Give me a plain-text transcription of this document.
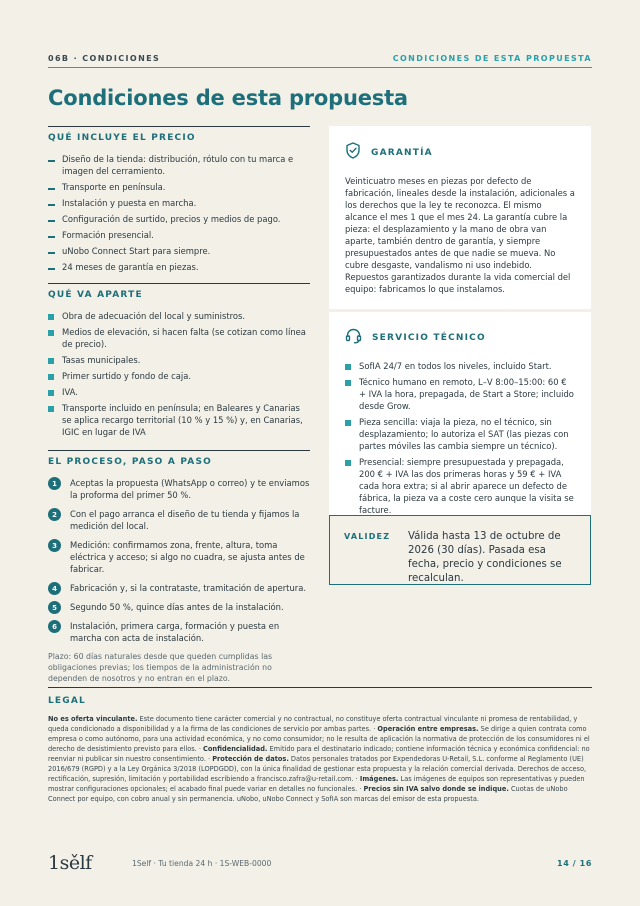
06B · CONDICIONES	CONDICIONES DE ESTA PROPUESTA
Condiciones de esta propuesta
QUÉ INCLUYE EL PRECIO
Diseño de la tienda: distribución, rótulo con tu marca e imagen del cerramiento.
Transporte en península.
Instalación y puesta en marcha.
Configuración de surtido, precios y medios de pago.
Formación presencial.
uNobo Connect Start para siempre.
24 meses de garantía en piezas.
QUÉ VA APARTE
Obra de adecuación del local y suministros.
Medios de elevación, si hacen falta (se cotizan como línea de precio).
Tasas municipales.
Primer surtido y fondo de caja.
IVA.
Transporte incluido en península; en Baleares y Canarias se aplica recargo territorial (10 % y 15 %) y, en Canarias, IGIC en lugar de IVA
EL PROCESO, PASO A PASO
1	Aceptas la propuesta (WhatsApp o correo) y te enviamos la proforma del primer 50 %.
2	Con el pago arranca el diseño de tu tienda y fijamos la medición del local.
3	Medición: confirmamos zona, frente, altura, toma eléctrica y acceso; si algo no cuadra, se ajusta antes de fabricar.
4	Fabricación y, si la contrataste, tramitación de apertura.
5	Segundo 50 %, quince días antes de la instalación.
6	Instalación, primera carga, formación y puesta en marcha con acta de instalación.

Plazo: 60 días naturales desde que queden cumplidas las obligaciones previas; los tiempos de la administración no dependen de nosotros y no entran en el plazo.

GARANTÍA

Veinticuatro meses en piezas por defecto de fabricación, lineales desde la instalación, adicionales a los derechos que la ley te reconozca. El mismo alcance el mes 1 que el mes 24. La garantía cubre la pieza: el desplazamiento y la mano de obra van aparte, también dentro de garantía, y siempre presupuestados antes de que nadie se mueva. No cubre desgaste, vandalismo ni uso indebido. Repuestos garantizados durante la vida comercial del equipo: fabricamos lo que instalamos.

SERVICIO TÉCNICO
SofIA 24/7 en todos los niveles, incluido Start.
Técnico humano en remoto, L–V 8:00–15:00: 60 € + IVA la hora, prepagada, de Start a Store; incluido desde Grow.
Pieza sencilla: viaja la pieza, no el técnico, sin desplazamiento; lo autoriza el SAT (las piezas con partes móviles las cambia siempre un técnico).
Presencial: siempre presupuestada y prepagada, 200 € + IVA las dos primeras horas y 59 € + IVA cada hora extra; si al abrir aparece un defecto de fábrica, la pieza va a coste cero aunque la visita se facture.
VALIDEZ	Válida hasta 13 de octubre de 2026 (30 días). Pasada esa fecha, precio y condiciones se recalculan.
LEGAL

No es oferta vinculante. Este documento tiene carácter comercial y no contractual, no constituye oferta contractual vinculante ni promesa de rentabilidad, y queda condicionado a disponibilidad y a la firma de las condiciones de servicio por ambas partes. · Operación entre empresas. Se dirige a quien contrata como empresa o como autónomo, para una actividad económica, y no como consumidor; no le resulta de aplicación la normativa de protección de los consumidores ni el derecho de desistimiento previsto para ellos. · Confidencialidad. Emitido para el destinatario indicado; contiene información técnica y económica confidencial: no reenviar ni publicar sin nuestro consentimiento. · Protección de datos. Datos personales tratados por Expendedoras U-Retail, S.L. conforme al Reglamento (UE) 2016/679 (RGPD) y a la Ley Orgánica 3/2018 (LOPDGDD), con la única finalidad de gestionar esta propuesta y la relación comercial derivada. Derechos de acceso, rectificación, supresión, limitación y portabilidad escribiendo a francisco.zafra@u-retail.com. · Imágenes. Las imágenes de equipos son representativas y pueden mostrar configuraciones opcionales; el acabado final puede variar en detalles no funcionales. · Precios sin IVA salvo donde se indique. Cuotas de uNobo Connect por equipo, con cobro anual y sin permanencia. uNobo, uNobo Connect y SofIA son marcas del emisor de esta propuesta.

1sělf	1Self · Tu tienda 24 h · 1S-WEB-0000	14 / 16
